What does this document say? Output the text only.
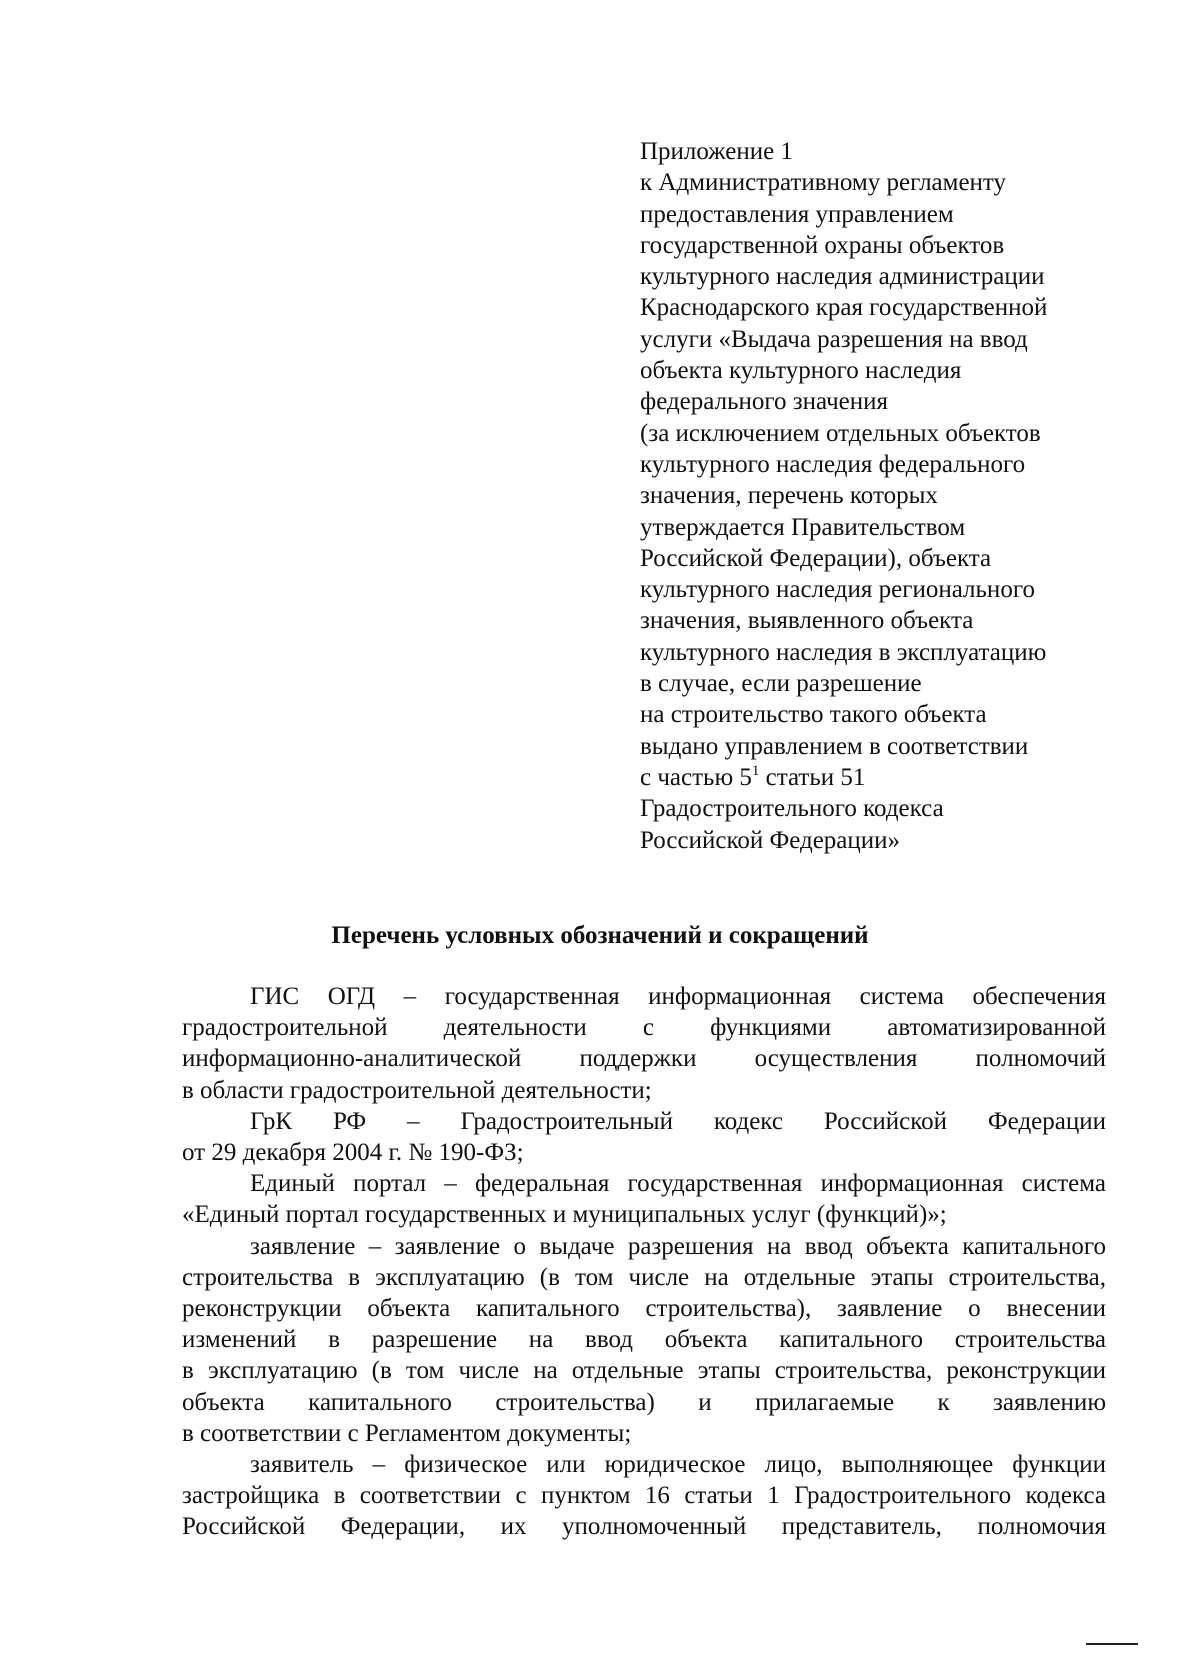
Приложение 1
к Административному регламенту
предоставления управлением
государственной охраны объектов
культурного наследия администрации
Краснодарского края государственной
услуги «Выдача разрешения на ввод
объекта культурного наследия
федерального значения
(за исключением отдельных объектов
культурного наследия федерального
значения, перечень которых
утверждается Правительством
Российской Федерации), объекта
культурного наследия регионального
значения, выявленного объекта
культурного наследия в эксплуатацию
в случае, если разрешение
на строительство такого объекта
выдано управлением в соответствии
с частью $5^1$ статьи 51
Градостроительного кодекса
Российской Федерации»
Перечень условных обозначений и сокращений

ГИС ОГД – государственная информационная система обеспечения
градостроительной деятельности с функциями автоматизированной
информационно-аналитической поддержки осуществления полномочий
в области градостроительной деятельности;

ГрК РФ – Градостроительный кодекс Российской Федерации
от 29 декабря 2004 г. № 190-ФЗ;

Единый портал – федеральная государственная информационная система
«Единый портал государственных и муниципальных услуг (функций)»;

заявление – заявление о выдаче разрешения на ввод объекта капитального
строительства в эксплуатацию (в том числе на отдельные этапы строительства,
реконструкции объекта капитального строительства), заявление о внесении
изменений в разрешение на ввод объекта капитального строительства
в эксплуатацию (в том числе на отдельные этапы строительства, реконструкции
объекта капитального строительства) и прилагаемые к заявлению
в соответствии с Регламентом документы;

заявитель – физическое или юридическое лицо, выполняющее функции
застройщика в соответствии с пунктом 16 статьи 1 Градостроительного кодекса
Российской Федерации, их уполномоченный представитель, полномочия
